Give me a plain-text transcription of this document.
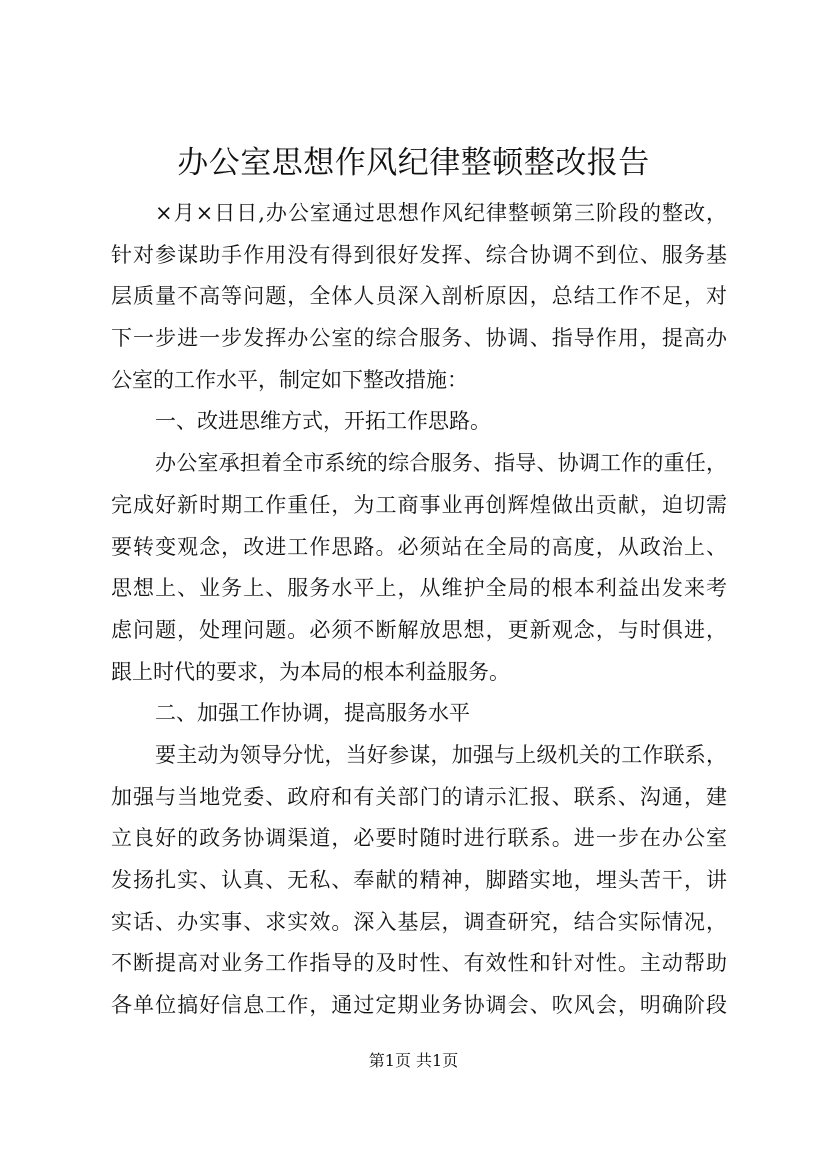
办公室思想作风纪律整顿整改报告
×月×日日,办公室通过思想作风纪律整顿第三阶段的整改，
针对参谋助手作用没有得到很好发挥、综合协调不到位、服务基
层质量不高等问题，全体人员深入剖析原因，总结工作不足，对
下一步进一步发挥办公室的综合服务、协调、指导作用，提高办
公室的工作水平，制定如下整改措施：
一、改进思维方式，开拓工作思路。
办公室承担着全市系统的综合服务、指导、协调工作的重任，
完成好新时期工作重任，为工商事业再创辉煌做出贡献，迫切需
要转变观念，改进工作思路。必须站在全局的高度，从政治上、
思想上、业务上、服务水平上，从维护全局的根本利益出发来考
虑问题，处理问题。必须不断解放思想，更新观念，与时俱进，
跟上时代的要求，为本局的根本利益服务。
二、加强工作协调，提高服务水平
要主动为领导分忧，当好参谋，加强与上级机关的工作联系，
加强与当地党委、政府和有关部门的请示汇报、联系、沟通，建
立良好的政务协调渠道，必要时随时进行联系。进一步在办公室
发扬扎实、认真、无私、奉献的精神，脚踏实地，埋头苦干，讲
实话、办实事、求实效。深入基层，调查研究，结合实际情况，
不断提高对业务工作指导的及时性、有效性和针对性。主动帮助
各单位搞好信息工作，通过定期业务协调会、吹风会，明确阶段
第1页 共1页
